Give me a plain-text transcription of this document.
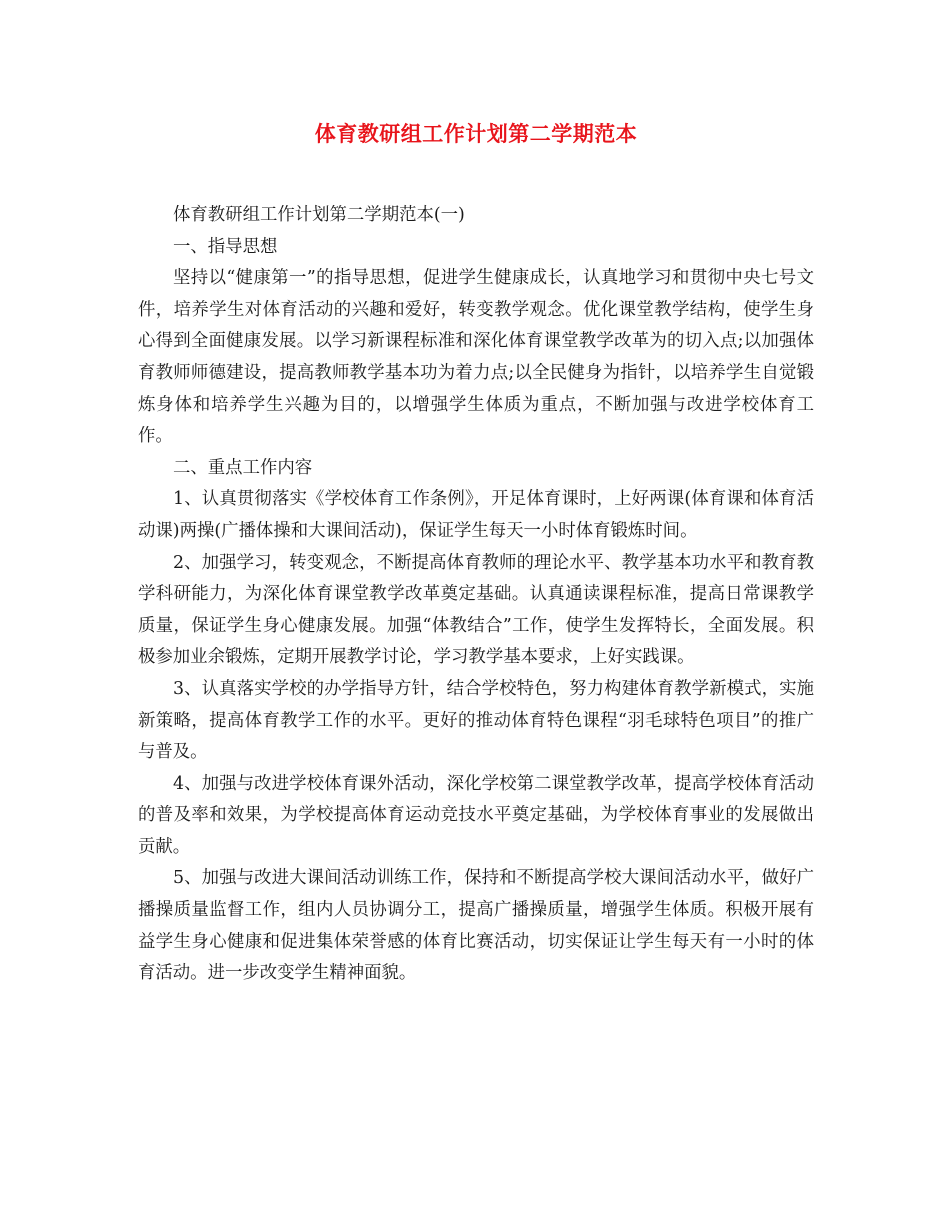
体育教研组工作计划第二学期范本

体育教研组工作计划第二学期范本(一)

一、指导思想

坚持以“健康第一”的指导思想，促进学生健康成长，认真地学习和贯彻中央七号文件，培养学生对体育活动的兴趣和爱好，转变教学观念。优化课堂教学结构，使学生身心得到全面健康发展。以学习新课程标准和深化体育课堂教学改革为的切入点;以加强体育教师师德建设，提高教师教学基本功为着力点;以全民健身为指针，以培养学生自觉锻炼身体和培养学生兴趣为目的，以增强学生体质为重点，不断加强与改进学校体育工作。

二、重点工作内容

1、认真贯彻落实《学校体育工作条例》，开足体育课时，上好两课(体育课和体育活动课)两操(广播体操和大课间活动)，保证学生每天一小时体育锻炼时间。

2、加强学习，转变观念，不断提高体育教师的理论水平、教学基本功水平和教育教学科研能力，为深化体育课堂教学改革奠定基础。认真通读课程标准，提高日常课教学质量，保证学生身心健康发展。加强“体教结合”工作，使学生发挥特长，全面发展。积极参加业余锻炼，定期开展教学讨论，学习教学基本要求，上好实践课。

3、认真落实学校的办学指导方针，结合学校特色，努力构建体育教学新模式，实施新策略，提高体育教学工作的水平。更好的推动体育特色课程“羽毛球特色项目”的推广与普及。

4、加强与改进学校体育课外活动，深化学校第二课堂教学改革，提高学校体育活动的普及率和效果，为学校提高体育运动竞技水平奠定基础，为学校体育事业的发展做出贡献。

5、加强与改进大课间活动训练工作，保持和不断提高学校大课间活动水平，做好广播操质量监督工作，组内人员协调分工，提高广播操质量，增强学生体质。积极开展有益学生身心健康和促进集体荣誉感的体育比赛活动，切实保证让学生每天有一小时的体育活动。进一步改变学生精神面貌。
